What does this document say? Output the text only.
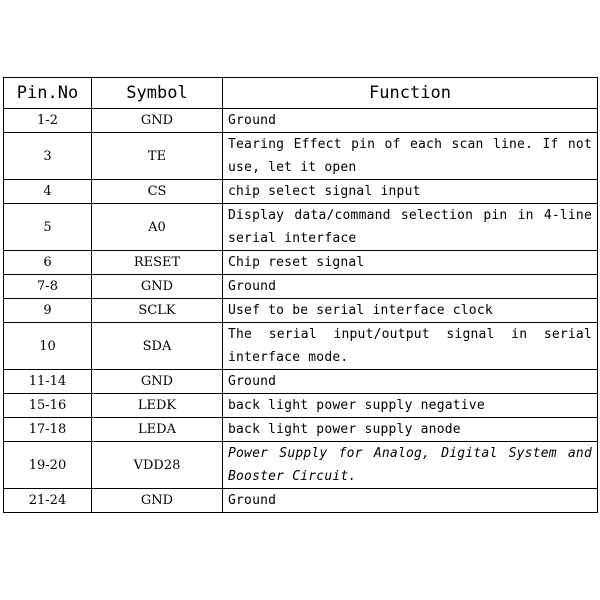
Pin.No	Symbol	Function
1-2	GND	Ground
3	TE	Tearing Effect pin of each scan line. If not use, let it open
4	CS	chip select signal input
5	A0	Display data/command selection pin in 4-line serial interface
6	RESET	Chip reset signal
7-8	GND	Ground
9	SCLK	Usef to be serial interface clock
10	SDA	The serial input/output signal in serial interface mode.
11-14	GND	Ground
15-16	LEDK	back light power supply negative
17-18	LEDA	back light power supply anode
19-20	VDD28	Power Supply for Analog, Digital System and Booster Circuit.
21-24	GND	Ground
